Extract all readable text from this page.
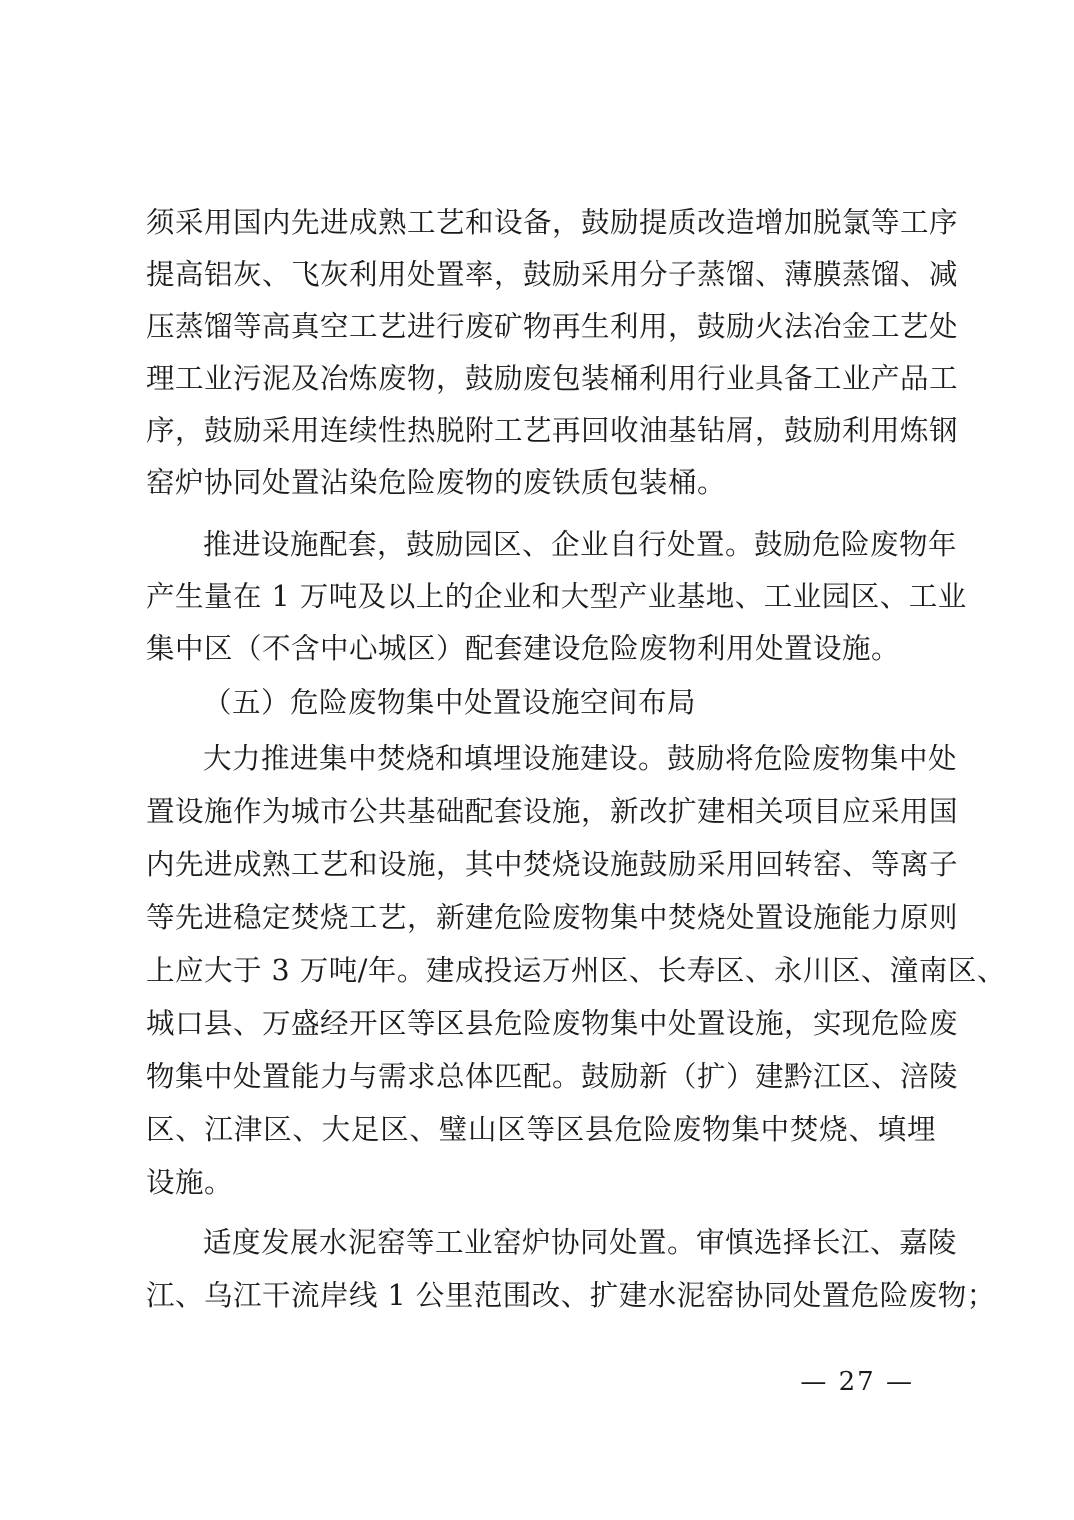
须采用国内先进成熟工艺和设备，鼓励提质改造增加脱氯等工序
提高铝灰、飞灰利用处置率，鼓励采用分子蒸馏、薄膜蒸馏、减
压蒸馏等高真空工艺进行废矿物再生利用，鼓励火法冶金工艺处
理工业污泥及冶炼废物，鼓励废包装桶利用行业具备工业产品工
序，鼓励采用连续性热脱附工艺再回收油基钻屑，鼓励利用炼钢
窑炉协同处置沾染危险废物的废铁质包装桶。
推进设施配套，鼓励园区、企业自行处置。鼓励危险废物年
产生量在 1 万吨及以上的企业和大型产业基地、工业园区、工业
集中区（不含中心城区）配套建设危险废物利用处置设施。
（五）危险废物集中处置设施空间布局
大力推进集中焚烧和填埋设施建设。鼓励将危险废物集中处
置设施作为城市公共基础配套设施，新改扩建相关项目应采用国
内先进成熟工艺和设施，其中焚烧设施鼓励采用回转窑、等离子
等先进稳定焚烧工艺，新建危险废物集中焚烧处置设施能力原则
上应大于 3 万吨/年。建成投运万州区、长寿区、永川区、潼南区、
城口县、万盛经开区等区县危险废物集中处置设施，实现危险废
物集中处置能力与需求总体匹配。鼓励新（扩）建黔江区、涪陵
区、江津区、大足区、璧山区等区县危险废物集中焚烧、填埋
设施。
适度发展水泥窑等工业窑炉协同处置。审慎选择长江、嘉陵
江、乌江干流岸线 1 公里范围改、扩建水泥窑协同处置危险废物；
— 27 —
